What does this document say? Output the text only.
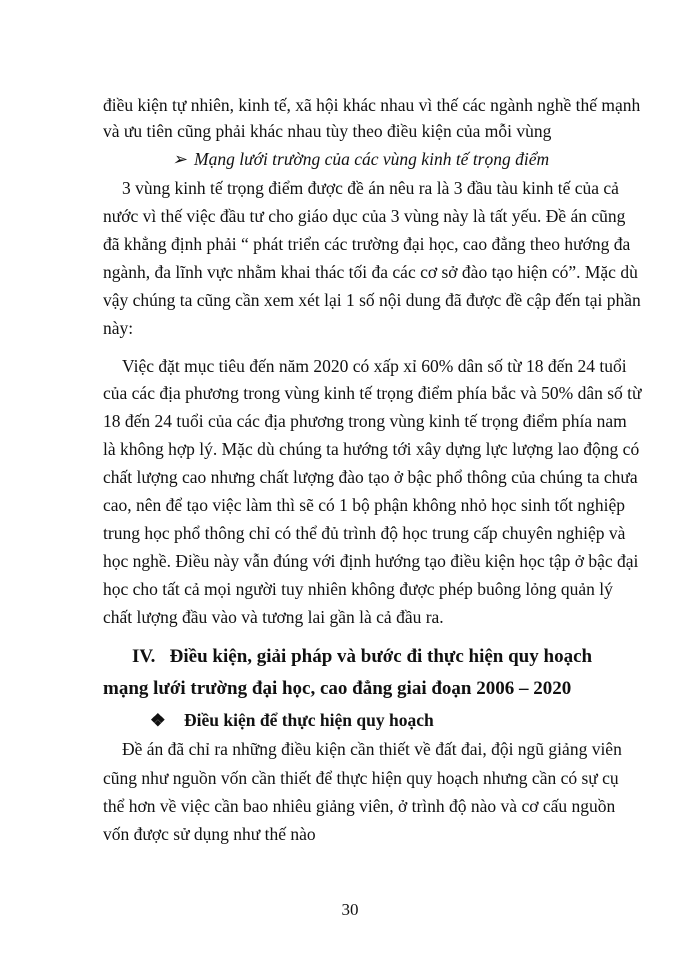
điều kiện tự nhiên, kinh tế, xã hội khác nhau vì thế các ngành nghề thế mạnh
và ưu tiên cũng phải khác nhau tùy theo điều kiện của mỗi vùng
➢ Mạng lưới trường của các vùng kinh tế trọng điểm
3 vùng kinh tế trọng điểm được đề án nêu ra là 3 đầu tàu kinh tế của cả
nước vì thế việc đầu tư cho giáo dục của 3 vùng này là tất yếu. Đề án cũng
đã khẳng định phải “ phát triển các trường đại học, cao đẳng theo hướng đa
ngành, đa lĩnh vực nhằm khai thác tối đa các cơ sở đào tạo hiện có”. Mặc dù
vậy chúng ta cũng cần xem xét lại 1 số nội dung đã được đề cập đến tại phần
này:
Việc đặt mục tiêu đến năm 2020 có xấp xỉ 60% dân số từ 18 đến 24 tuổi
của các địa phương trong vùng kinh tế trọng điểm phía bắc và 50% dân số từ
18 đến 24 tuổi của các địa phương trong vùng kinh tế trọng điểm phía nam
là không hợp lý. Mặc dù chúng ta hướng tới xây dựng lực lượng lao động có
chất lượng cao nhưng chất lượng đào tạo ở bậc phổ thông của chúng ta chưa
cao, nên để tạo việc làm thì sẽ có 1 bộ phận không nhỏ học sinh tốt nghiệp
trung học phổ thông chỉ có thể đủ trình độ học trung cấp chuyên nghiệp và
học nghề. Điều này vẫn đúng với định hướng tạo điều kiện học tập ở bậc đại
học cho tất cả mọi người tuy nhiên không được phép buông lỏng quản lý
chất lượng đầu vào và tương lai gần là cả đầu ra.
IV.   Điều kiện, giải pháp và bước đi thực hiện quy hoạch
mạng lưới trường đại học, cao đẳng giai đoạn 2006 – 2020
❖ Điều kiện để thực hiện quy hoạch
Đề án đã chỉ ra những điều kiện cần thiết về đất đai, đội ngũ giảng viên
cũng như nguồn vốn cần thiết để thực hiện quy hoạch nhưng cần có sự cụ
thể hơn về việc cần bao nhiêu giảng viên, ở trình độ nào và cơ cấu nguồn
vốn được sử dụng như thế nào
30
